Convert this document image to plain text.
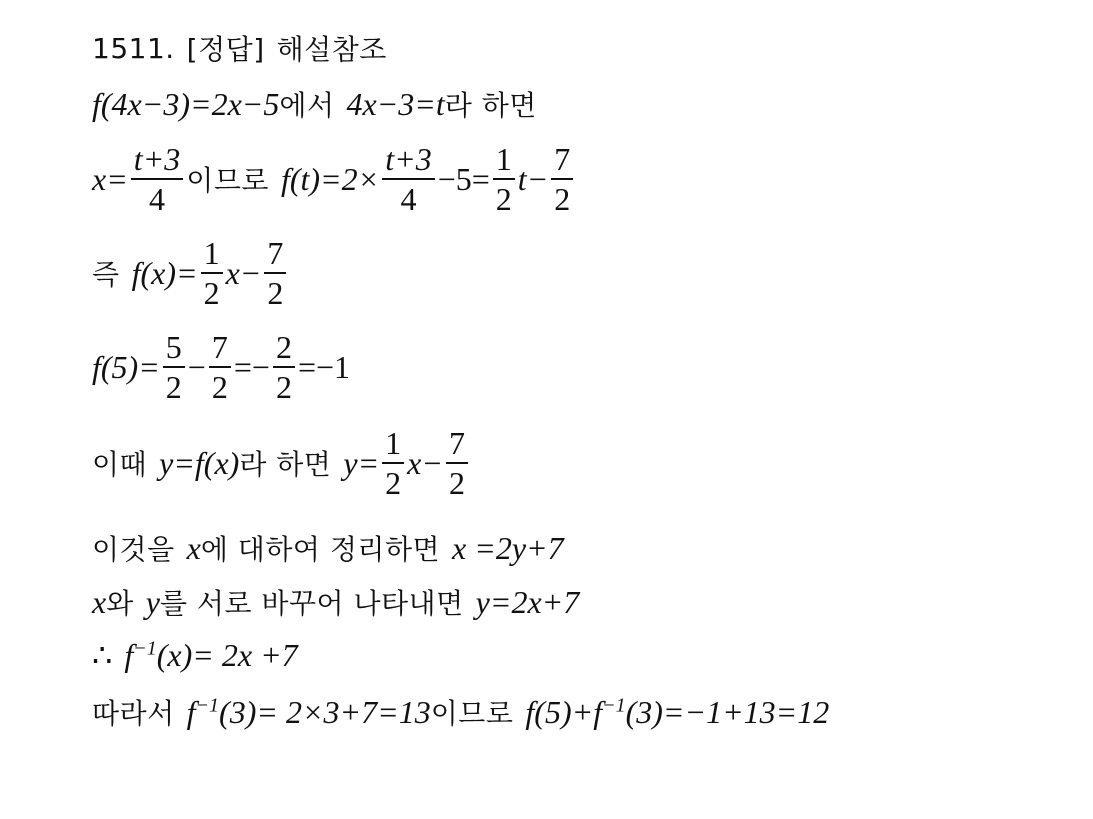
1511. [정답] 해설참조
f(4x−3)=2x−5 에서 4x−3=t 라 하면
$x= \frac{t+3}{4}$ 이므로 $f(t)=2\times \frac{t+3}{4} -5= \frac{1}{2} t- \frac{7}{2}$
즉 $f(x)= \frac{1}{2} x- \frac{7}{2}$
$f(5)= \frac{5}{2} - \frac{7}{2} =- \frac{2}{2} =-1$
이때 y=f(x) 라 하면 $y= \frac{1}{2} x- \frac{7}{2}$
이것을 x 에 대하여 정리하면 x =2y+7
x 와 y 를 서로 바꾸어 나타내면 y=2x+7
∴ $f^{-1}(x)= 2x +7$
따라서 $f^{-1}(3)= 2\times 3+7=13$ 이므로 $f(5)+f^{-1}(3)=-1+13=12$
